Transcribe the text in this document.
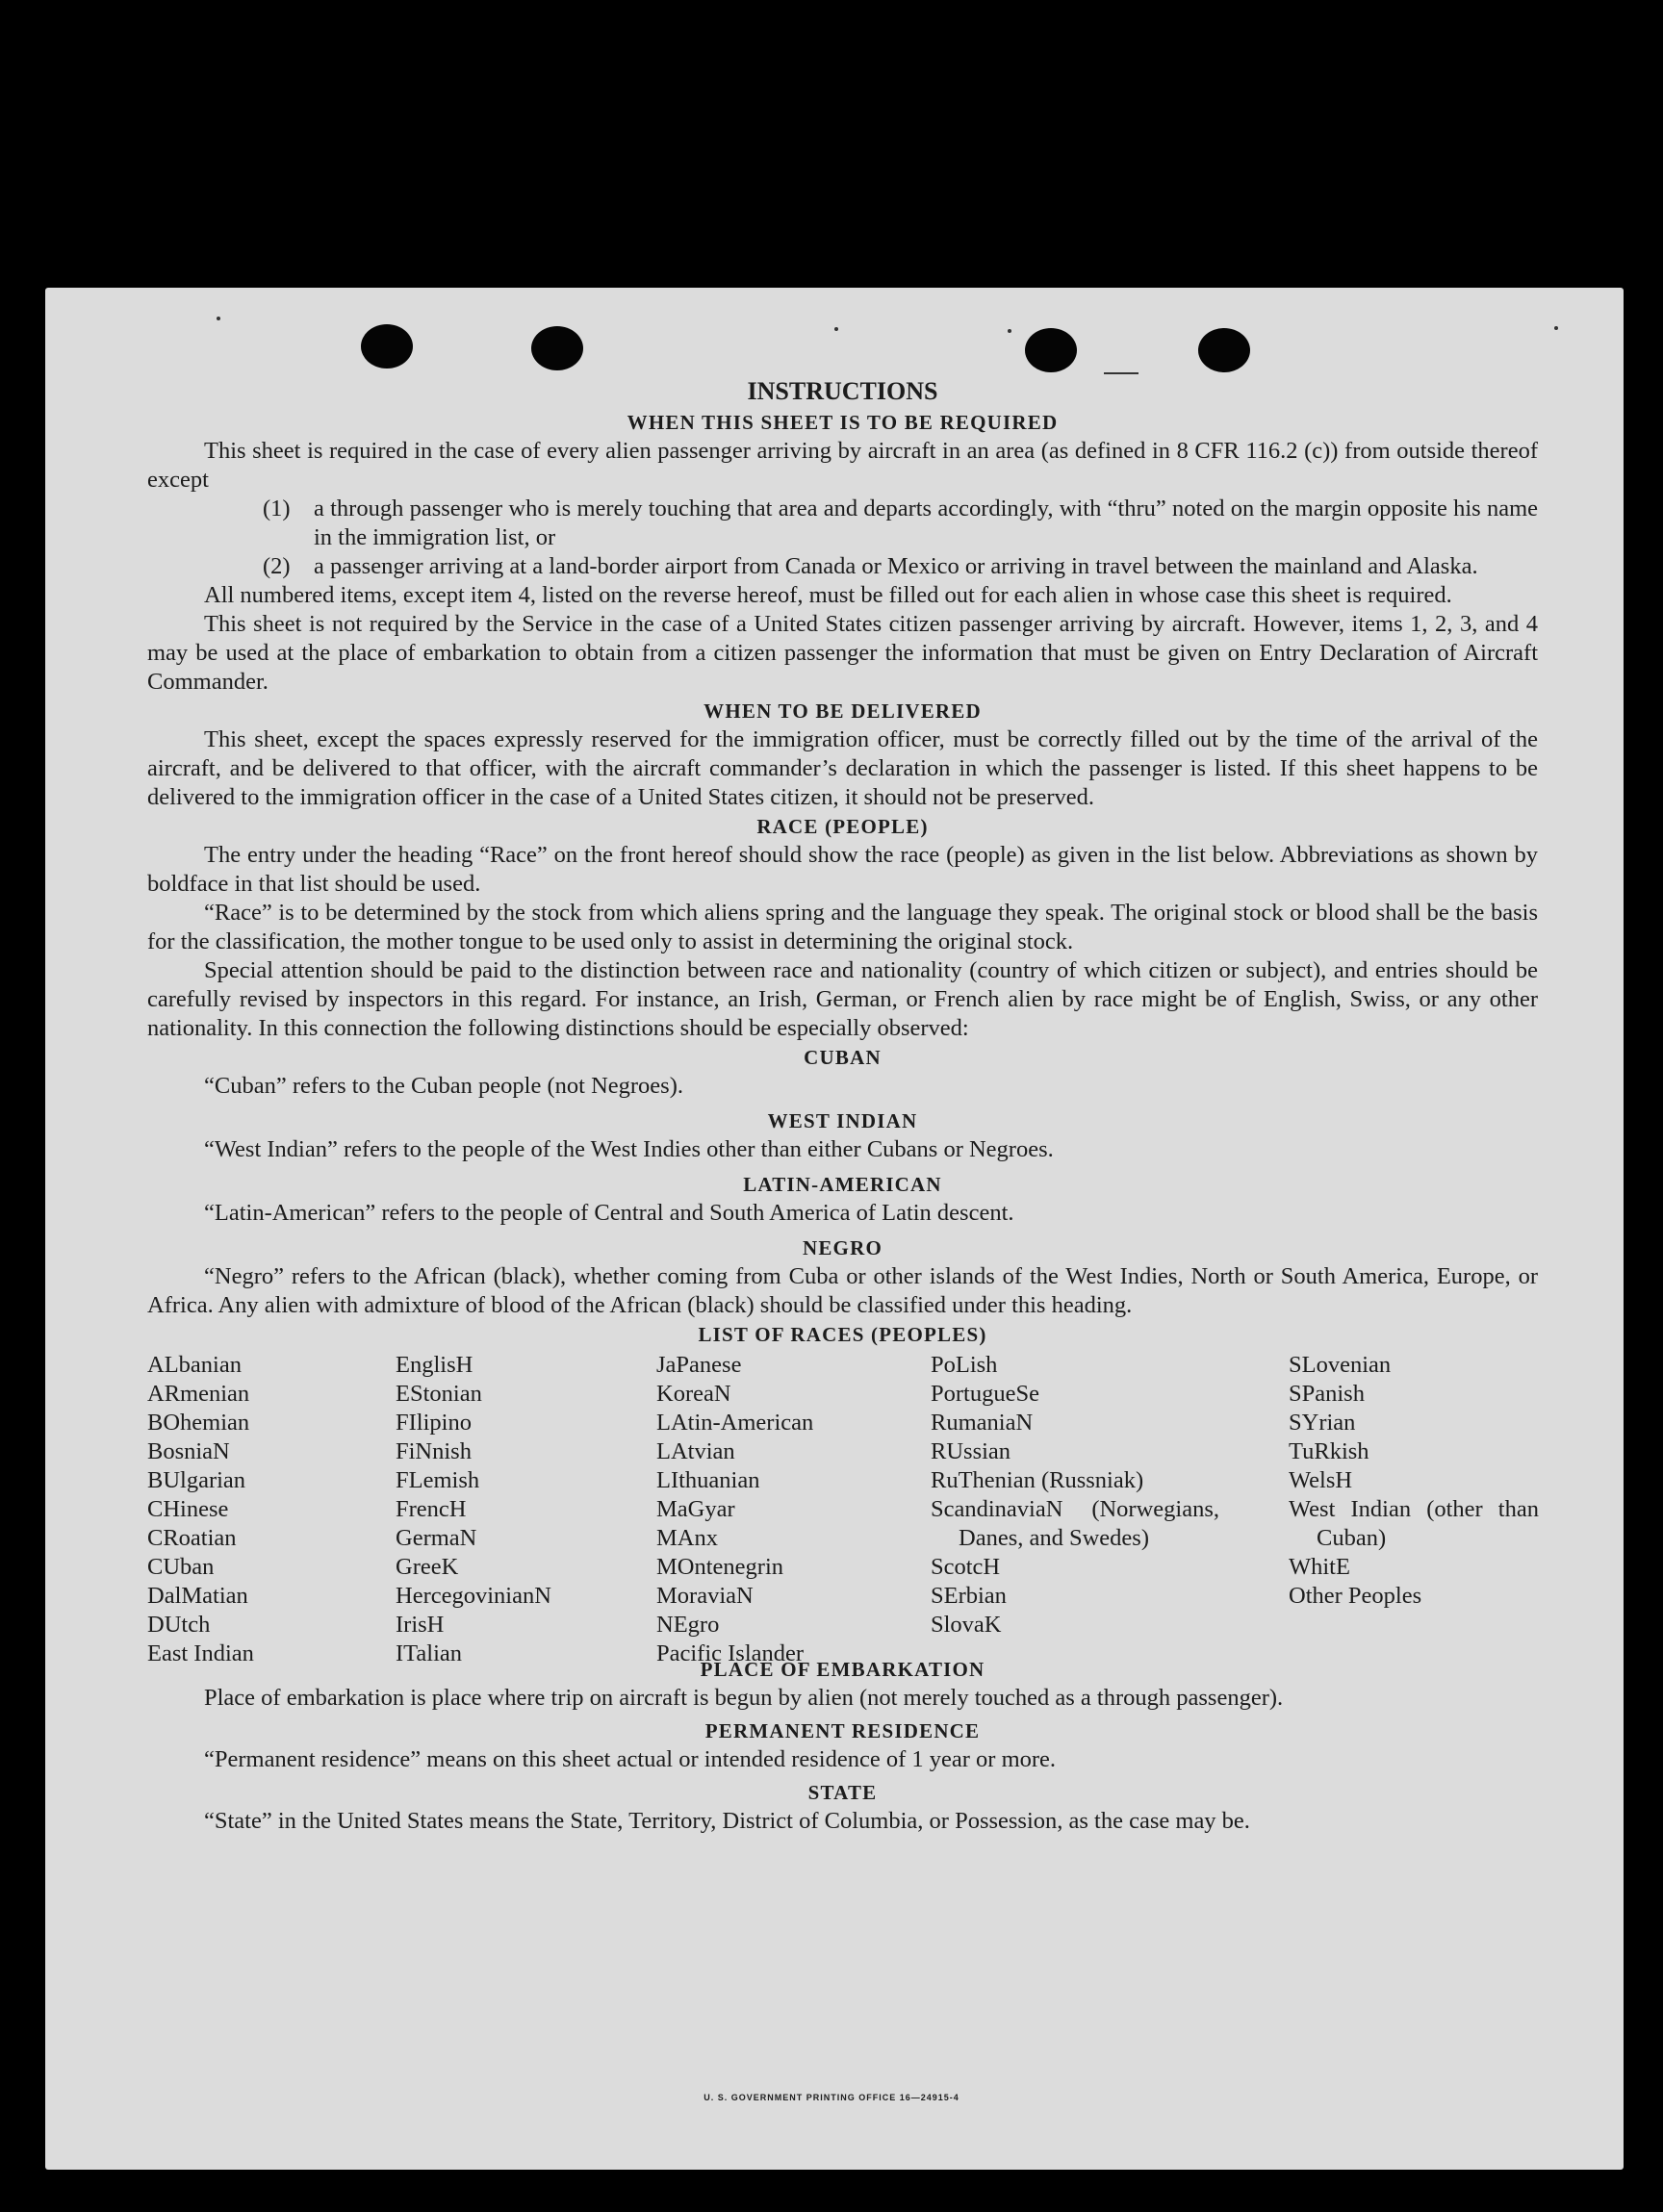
INSTRUCTIONS
WHEN THIS SHEET IS TO BE REQUIRED

This sheet is required in the case of every alien passenger arriving by aircraft in an area (as defined in 8 CFR 116.2 (c)) from outside thereof except

(1) a through passenger who is merely touching that area and departs accordingly, with “thru” noted on the margin opposite his name in the immigration list, or

(2) a passenger arriving at a land-border airport from Canada or Mexico or arriving in travel between the mainland and Alaska.

All numbered items, except item 4, listed on the reverse hereof, must be filled out for each alien in whose case this sheet is required.

This sheet is not required by the Service in the case of a United States citizen passenger arriving by aircraft. However, items 1, 2, 3, and 4 may be used at the place of embarkation to obtain from a citizen passenger the information that must be given on Entry Declaration of Aircraft Commander.

WHEN TO BE DELIVERED

This sheet, except the spaces expressly reserved for the immigration officer, must be correctly filled out by the time of the arrival of the aircraft, and be delivered to that officer, with the aircraft commander’s declaration in which the passenger is listed. If this sheet happens to be delivered to the immigration officer in the case of a United States citizen, it should not be preserved.

RACE (PEOPLE)

The entry under the heading “Race” on the front hereof should show the race (people) as given in the list below. Abbreviations as shown by boldface in that list should be used.

“Race” is to be determined by the stock from which aliens spring and the language they speak. The original stock or blood shall be the basis for the classification, the mother tongue to be used only to assist in determining the original stock.

Special attention should be paid to the distinction between race and nationality (country of which citizen or subject), and entries should be carefully revised by inspectors in this regard. For instance, an Irish, German, or French alien by race might be of English, Swiss, or any other nationality. In this connection the following distinctions should be especially observed:

CUBAN

“Cuban” refers to the Cuban people (not Negroes).

WEST INDIAN

“West Indian” refers to the people of the West Indies other than either Cubans or Negroes.

LATIN-AMERICAN

“Latin-American” refers to the people of Central and South America of Latin descent.

NEGRO

“Negro” refers to the African (black), whether coming from Cuba or other islands of the West Indies, North or South America, Europe, or Africa. Any alien with admixture of blood of the African (black) should be classified under this heading.

LIST OF RACES (PEOPLES)
ALbanian
ARmenian
BOhemian
BosniaN
BUlgarian
CHinese
CRoatian
CUban
DalMatian
DUtch
East Indian
EnglisH
EStonian
FIlipino
FiNnish
FLemish
FrencH
GermaN
GreeK
HercegovinianN
IrisH
ITalian
JaPanese
KoreaN
LAtin-American
LAtvian
LIthuanian
MaGyar
MAnx
MOntenegrin
MoraviaN
NEgro
Pacific Islander
PoLish
PortugueSe
RumaniaN
RUssian
RuThenian (Russniak)
ScandinaviaN (Norwegians, Danes, and Swedes)
ScotcH
SErbian
SlovaK
SLovenian
SPanish
SYrian
TuRkish
WelsH
West Indian (other than Cuban)
WhitE
Other Peoples
PLACE OF EMBARKATION

Place of embarkation is place where trip on aircraft is begun by alien (not merely touched as a through passenger).

PERMANENT RESIDENCE

“Permanent residence” means on this sheet actual or intended residence of 1 year or more.

STATE

“State” in the United States means the State, Territory, District of Columbia, or Possession, as the case may be.

U. S. GOVERNMENT PRINTING OFFICE 16—24915-4
